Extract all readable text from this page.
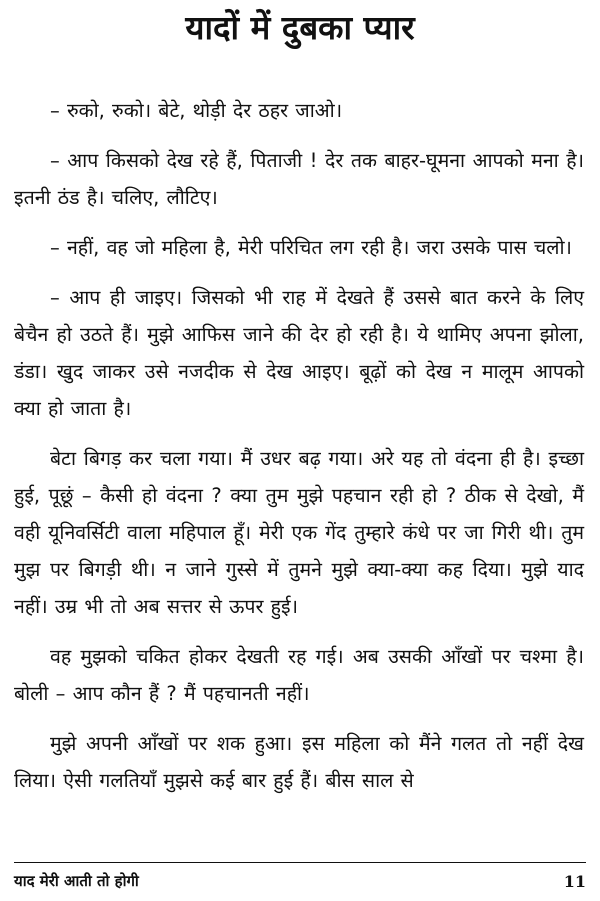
यादों में दुबका प्यार

– रुको, रुको। बेटे, थोड़ी देर ठहर जाओ।

– आप किसको देख रहे हैं, पिताजी ! देर तक बाहर-घूमना आपको मना है। इतनी ठंड है। चलिए, लौटिए।

– नहीं, वह जो महिला है, मेरी परिचित लग रही है। जरा उसके पास चलो।

– आप ही जाइए। जिसको भी राह में देखते हैं उससे बात करने के लिए बेचैन हो उठते हैं। मुझे आफिस जाने की देर हो रही है। ये थामिए अपना झोला, डंडा। खुद जाकर उसे नजदीक से देख आइए। बूढ़ों को देख न मालूम आपको क्या हो जाता है।

बेटा बिगड़ कर चला गया। मैं उधर बढ़ गया। अरे यह तो वंदना ही है। इच्छा हुई, पूछूं – कैसी हो वंदना ? क्या तुम मुझे पहचान रही हो ? ठीक से देखो, मैं वही यूनिवर्सिटी वाला महिपाल हूँ। मेरी एक गेंद तुम्हारे कंधे पर जा गिरी थी। तुम मुझ पर बिगड़ी थी। न जाने गुस्से में तुमने मुझे क्या-क्या कह दिया। मुझे याद नहीं। उम्र भी तो अब सत्तर से ऊपर हुई।

वह मुझको चकित होकर देखती रह गई। अब उसकी आँखों पर चश्मा है। बोली – आप कौन हैं ? मैं पहचानती नहीं।

मुझे अपनी आँखों पर शक हुआ। इस महिला को मैंने गलत तो नहीं देख लिया। ऐसी गलतियाँ मुझसे कई बार हुई हैं। बीस साल से

याद मेरी आती तो होगी	11
